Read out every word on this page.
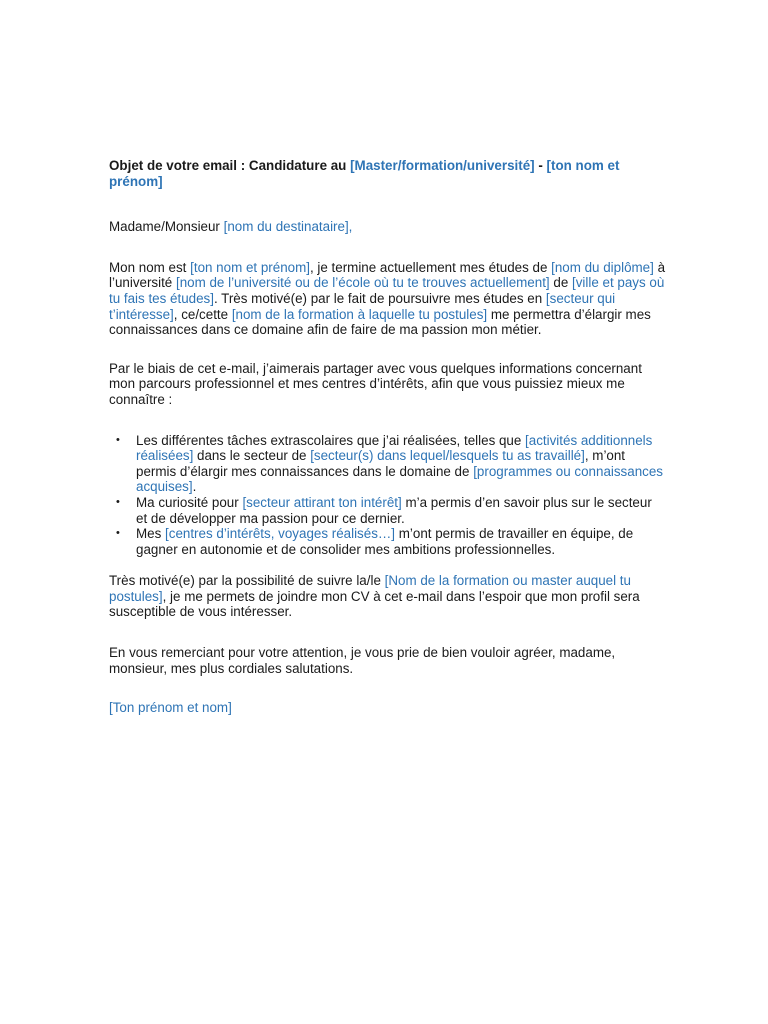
Objet de votre email : Candidature au [Master/formation/université] - [ton nom et prénom]

Madame/Monsieur [nom du destinataire],

Mon nom est [ton nom et prénom], je termine actuellement mes études de [nom du diplôme] à l’université [nom de l’université ou de l’école où tu te trouves actuellement] de [ville et pays où tu fais tes études]. Très motivé(e) par le fait de poursuivre mes études en [secteur qui t’intéresse], ce/cette [nom de la formation à laquelle tu postules] me permettra d’élargir mes connaissances dans ce domaine afin de faire de ma passion mon métier.

Par le biais de cet e-mail, j’aimerais partager avec vous quelques informations concernant mon parcours professionnel et mes centres d’intérêts, afin que vous puissiez mieux me connaître :

• Les différentes tâches extrascolaires que j’ai réalisées, telles que [activités additionnels réalisées] dans le secteur de [secteur(s) dans lequel/lesquels tu as travaillé], m’ont permis d’élargir mes connaissances dans le domaine de [programmes ou connaissances acquises].
• Ma curiosité pour [secteur attirant ton intérêt] m’a permis d’en savoir plus sur le secteur et de développer ma passion pour ce dernier.
• Mes [centres d’intérêts, voyages réalisés…] m’ont permis de travailler en équipe, de gagner en autonomie et de consolider mes ambitions professionnelles.

Très motivé(e) par la possibilité de suivre la/le [Nom de la formation ou master auquel tu postules], je me permets de joindre mon CV à cet e-mail dans l’espoir que mon profil sera susceptible de vous intéresser.

En vous remerciant pour votre attention, je vous prie de bien vouloir agréer, madame, monsieur, mes plus cordiales salutations.

[Ton prénom et nom]
